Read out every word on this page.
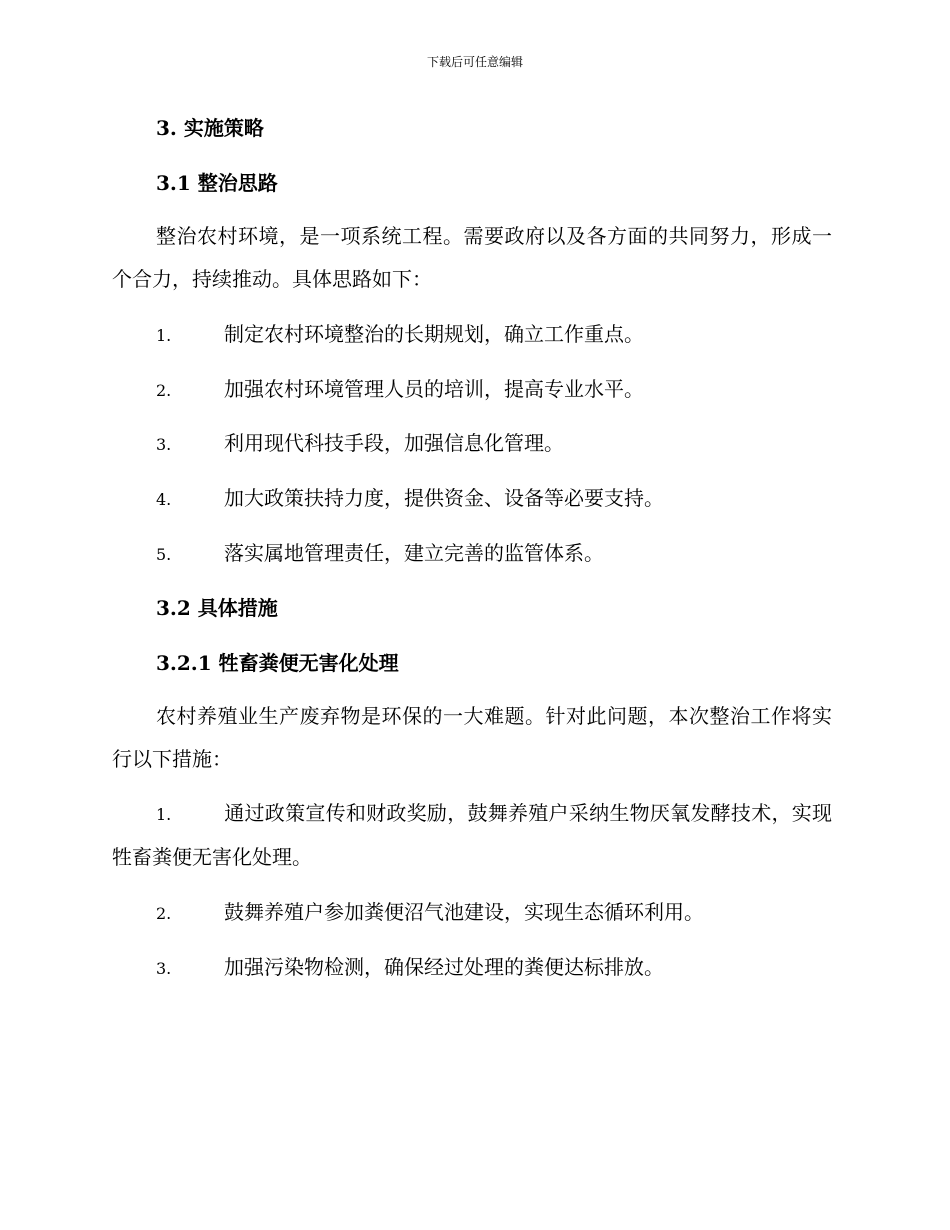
下载后可任意编辑
3. 实施策略
3.1 整治思路

整治农村环境，是一项系统工程。需要政府以及各方面的共同努力，形成一个合力，持续推动。具体思路如下：

1.	制定农村环境整治的长期规划，确立工作重点。
2.	加强农村环境管理人员的培训，提高专业水平。
3.	利用现代科技手段，加强信息化管理。
4.	加大政策扶持力度，提供资金、设备等必要支持。
5.	落实属地管理责任，建立完善的监管体系。
3.2 具体措施
3.2.1 牲畜粪便无害化处理

农村养殖业生产废弃物是环保的一大难题。针对此问题，本次整治工作将实行以下措施：

1.	通过政策宣传和财政奖励，鼓舞养殖户采纳生物厌氧发酵技术，实现牲畜粪便无害化处理。

2.	鼓舞养殖户参加粪便沼气池建设，实现生态循环利用。
3.	加强污染物检测，确保经过处理的粪便达标排放。
